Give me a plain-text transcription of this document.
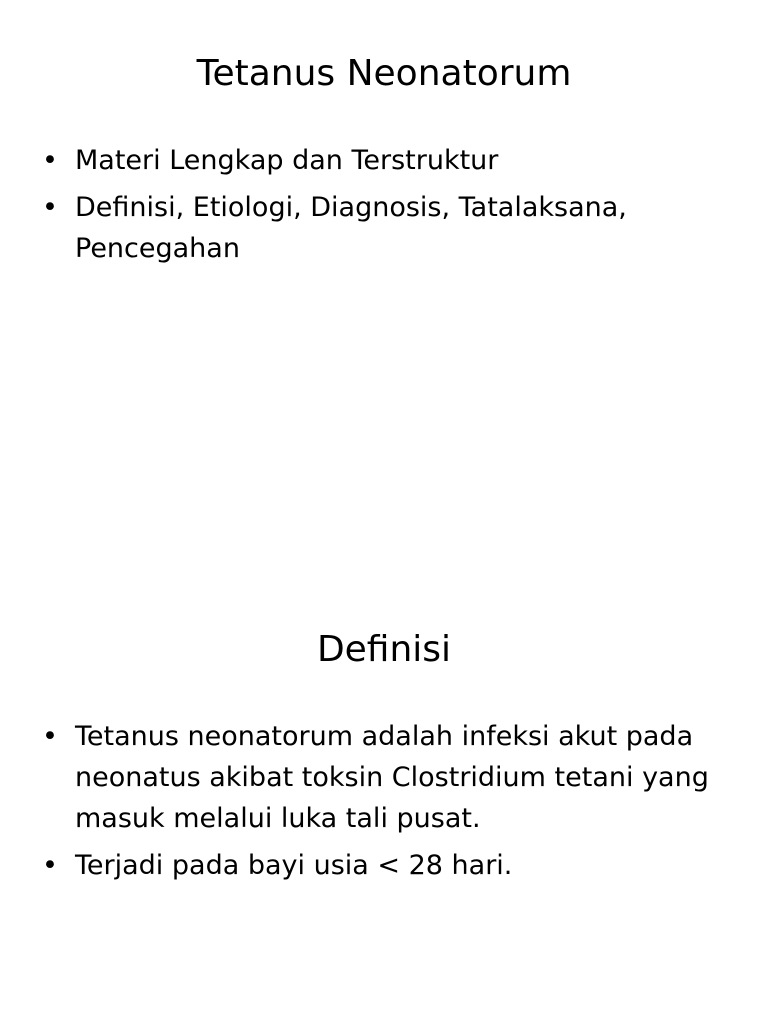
Tetanus Neonatorum
• Materi Lengkap dan Terstruktur
• Definisi, Etiologi, Diagnosis, Tatalaksana, Pencegahan
Definisi
• Tetanus neonatorum adalah infeksi akut pada neonatus akibat toksin Clostridium tetani yang masuk melalui luka tali pusat.
• Terjadi pada bayi usia < 28 hari.
